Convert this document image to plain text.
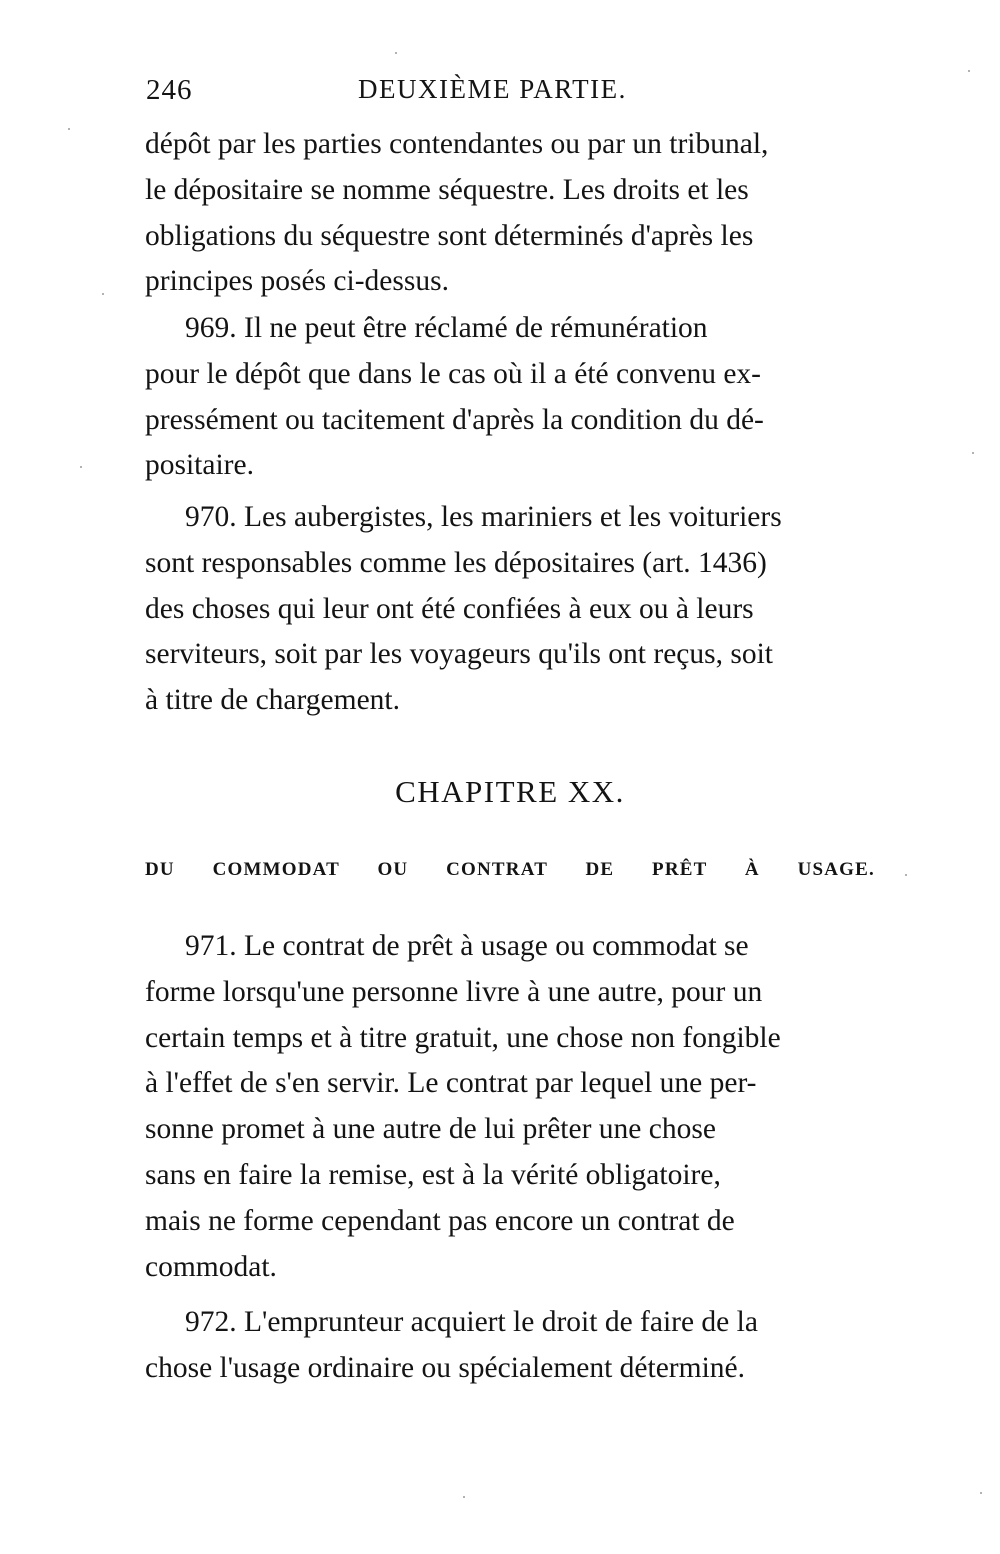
246	DEUXIÈME PARTIE.

dépôt par les parties contendantes ou par un tribunal,

le dépositaire se nomme séquestre. Les droits et les

obligations du séquestre sont déterminés d'après les

principes posés ci-dessus.

969. Il ne peut être réclamé de rémunération

pour le dépôt que dans le cas où il a été convenu ex-

pressément ou tacitement d'après la condition du dé-

positaire.

970. Les aubergistes, les mariniers et les voituriers

sont responsables comme les dépositaires (art. 1436)

des choses qui leur ont été confiées à eux ou à leurs

serviteurs, soit par les voyageurs qu'ils ont reçus, soit

à titre de chargement.

CHAPITRE XX.
DU COMMODAT OU CONTRAT DE PRÊT À USAGE.

971. Le contrat de prêt à usage ou commodat se

forme lorsqu'une personne livre à une autre, pour un

certain temps et à titre gratuit, une chose non fongible

à l'effet de s'en servir. Le contrat par lequel une per-

sonne promet à une autre de lui prêter une chose

sans en faire la remise, est à la vérité obligatoire,

mais ne forme cependant pas encore un contrat de

commodat.

972. L'emprunteur acquiert le droit de faire de la

chose l'usage ordinaire ou spécialement déterminé.
